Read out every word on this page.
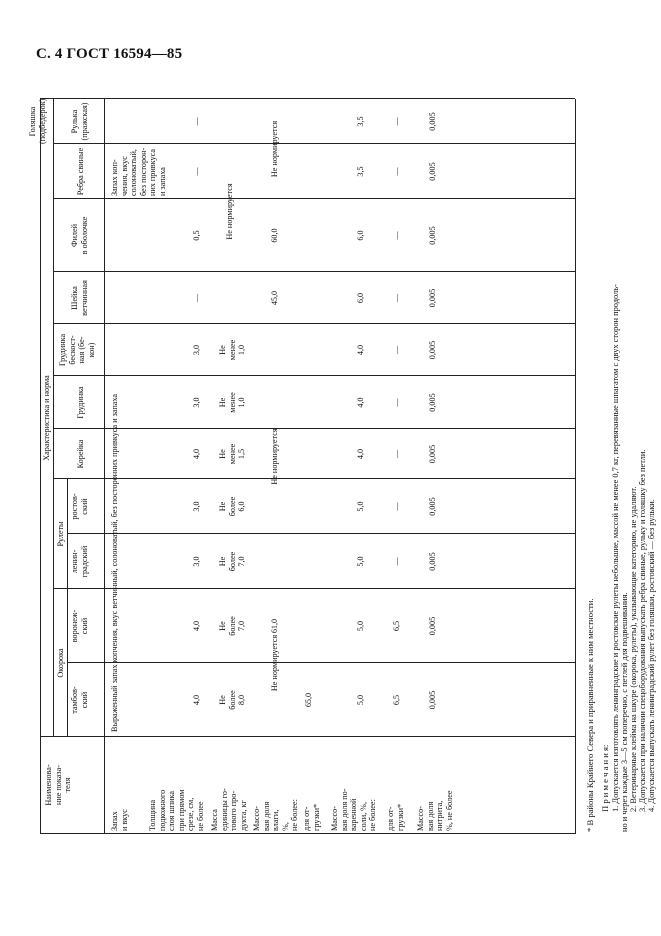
С. 4 ГОСТ 16594—85
Наименова-
ние показа-
теля
Характеристика и норма
Окорока
тамбов-
ский
воронеж-
ский
Рулеты
ленин-
градский
ростов-
ский
Корейка
Грудинка
Грудинка
бескост-
ная (бе-
кон)
Шейка
ветчинная
Филей
в оболочке
Ребра свиные
Рулька
(пражская)
Запах
и вкус Толщина
подкожного
слоя шпика
при прямом
срезе, см,
не более Масса
единицы го-
тового про-
дукта, кг Массо-
вая доля
влаги,
%,
не более: для от-
грузки* Массо-
вая доля по-
варенной
соли, %,
не более: для от-
грузки* Массо-
вая доля
нитрита,
%, не более
Выраженный запах копчения, вкус ветчинный, солоноватый, без посторонних привкуса и запаха
Запах коп-
чения, вкус
солоноватый,
без посторон-
них привкуса
и запаха
4,0
4,0
3,0
3,0
4,0
3,0
3,0
—
0,5
—
—
Не
более
8,0
Не
более
7,0
Не
более
7,0
Не
более
6,0
Не
менее
1,5
Не
менее
1,0
Не
менее
1,0
Не нормируется
Не нормируется
Не нормируется
65,0
61,0
45,0
60,0
Не нормируется
5,0
5,0
5,0
5,0
4,0
4,0
4,0
6,0
6,0
3,5
3,5
6,5
6,5
—
—
—
—
—
—
—
—
—
0,005
0,005
0,005
0,005
0,005
0,005
0,005
0,005
0,005
0,005
0,005
Голяшка
(подбедерок)
* В районы Крайнего Севера и приравненные к ним местности. П р и м е ч а н и я: 1. Допускается изготовлять ленинградские и ростовские рулеты небольшие, массой не менее 0,7 кг, перевязанные шпагатом с двух сторон продоль- но и через каждые 3—5 см поперечно, с петлей для подвешивания. 2. Ветеринарные клейма на шкуре (окорока, рулеты), указывающие категорию, не удаляют. 3. Допускается при наличии спецоборудования выпускать ребра свиные, рульку и голяшку без петли. 4. Допускается выпускать ленинградский рулет без голяшки, ростовский — без рульки.
